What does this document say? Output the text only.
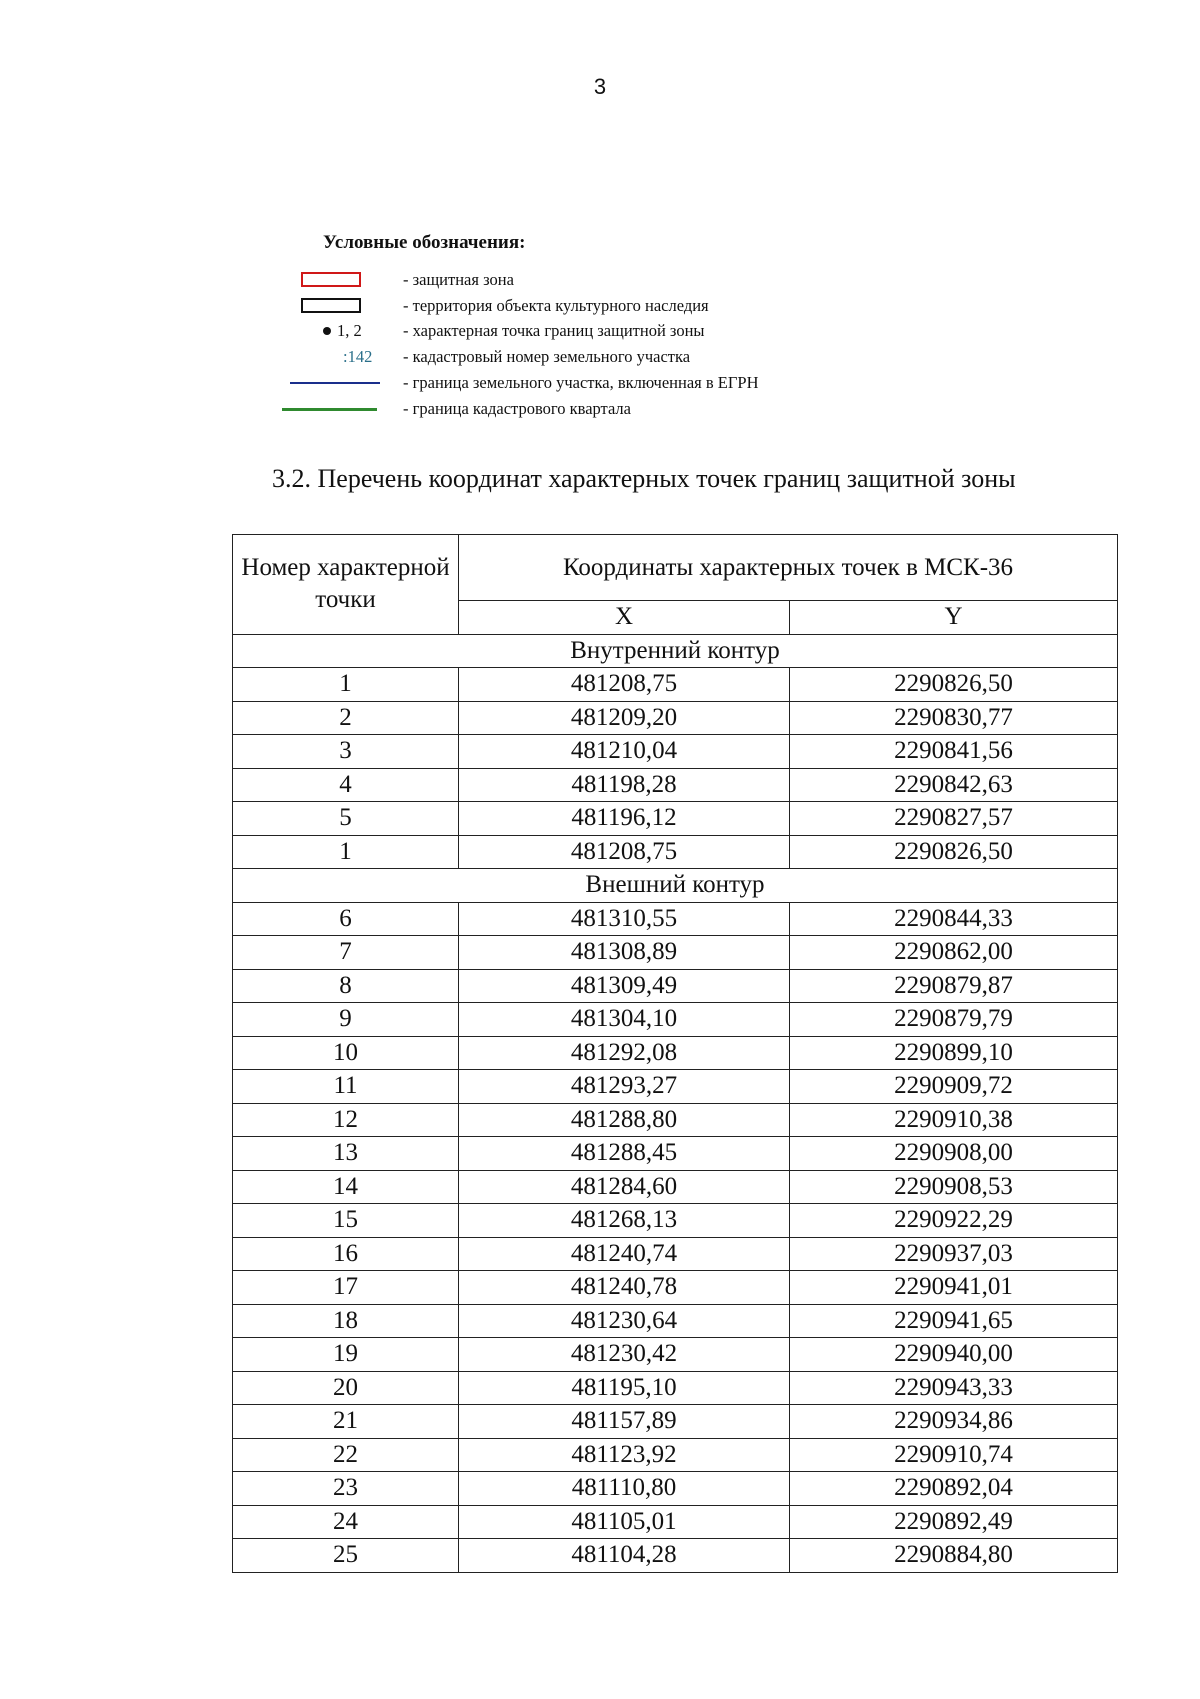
3
Условные обозначения:
- защитная зона
- территория объекта культурного наследия
1, 2	- характерная точка границ защитной зоны
:142 - кадастровый номер земельного участка
- граница земельного участка, включенная в ЕГРН
- граница кадастрового квартала
3.2. Перечень координат характерных точек границ защитной зоны
Номер характерной точки	Координаты характерных точек в МСК-36	
	X	Y
Внутренний контур		
1	481208,75	2290826,50
2	481209,20	2290830,77
3	481210,04	2290841,56
4	481198,28	2290842,63
5	481196,12	2290827,57
1	481208,75	2290826,50
Внешний контур		
6	481310,55	2290844,33
7	481308,89	2290862,00
8	481309,49	2290879,87
9	481304,10	2290879,79
10	481292,08	2290899,10
11	481293,27	2290909,72
12	481288,80	2290910,38
13	481288,45	2290908,00
14	481284,60	2290908,53
15	481268,13	2290922,29
16	481240,74	2290937,03
17	481240,78	2290941,01
18	481230,64	2290941,65
19	481230,42	2290940,00
20	481195,10	2290943,33
21	481157,89	2290934,86
22	481123,92	2290910,74
23	481110,80	2290892,04
24	481105,01	2290892,49
25	481104,28	2290884,80
